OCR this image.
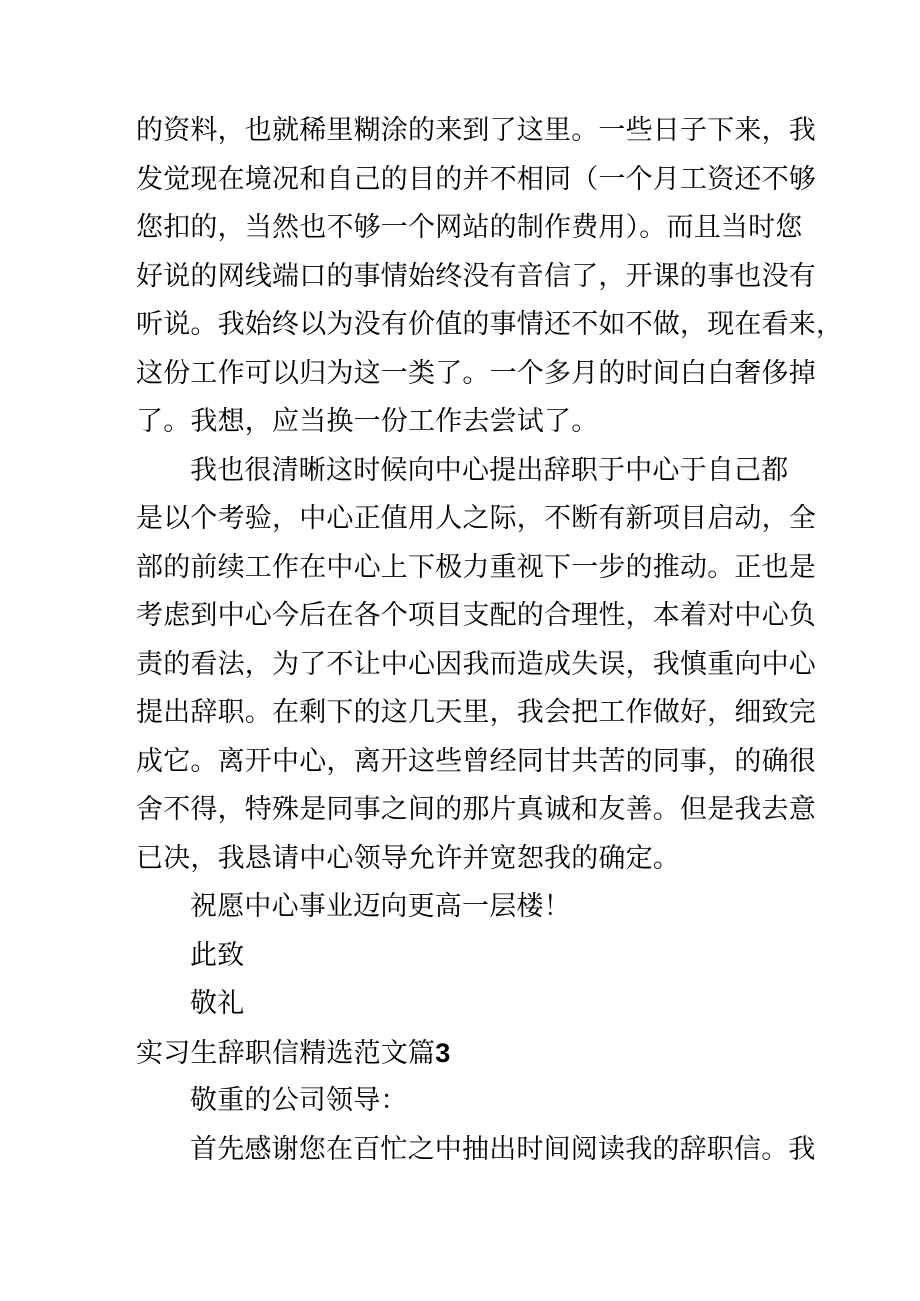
的资料，也就稀里糊涂的来到了这里。一些日子下来，我
发觉现在境况和自己的目的并不相同（一个月工资还不够
您扣的，当然也不够一个网站的制作费用）。而且当时您
好说的网线端口的事情始终没有音信了，开课的事也没有
听说。我始终以为没有价值的事情还不如不做，现在看来，
这份工作可以归为这一类了。一个多月的时间白白奢侈掉
了。我想，应当换一份工作去尝试了。
我也很清晰这时候向中心提出辞职于中心于自己都
是以个考验，中心正值用人之际，不断有新项目启动，全
部的前续工作在中心上下极力重视下一步的推动。正也是
考虑到中心今后在各个项目支配的合理性，本着对中心负
责的看法，为了不让中心因我而造成失误，我慎重向中心
提出辞职。在剩下的这几天里，我会把工作做好，细致完
成它。离开中心，离开这些曾经同甘共苦的同事，的确很
舍不得，特殊是同事之间的那片真诚和友善。但是我去意
已决，我恳请中心领导允许并宽恕我的确定。
祝愿中心事业迈向更高一层楼！
此致
敬礼
实习生辞职信精选范文篇3
敬重的公司领导：
首先感谢您在百忙之中抽出时间阅读我的辞职信。我
